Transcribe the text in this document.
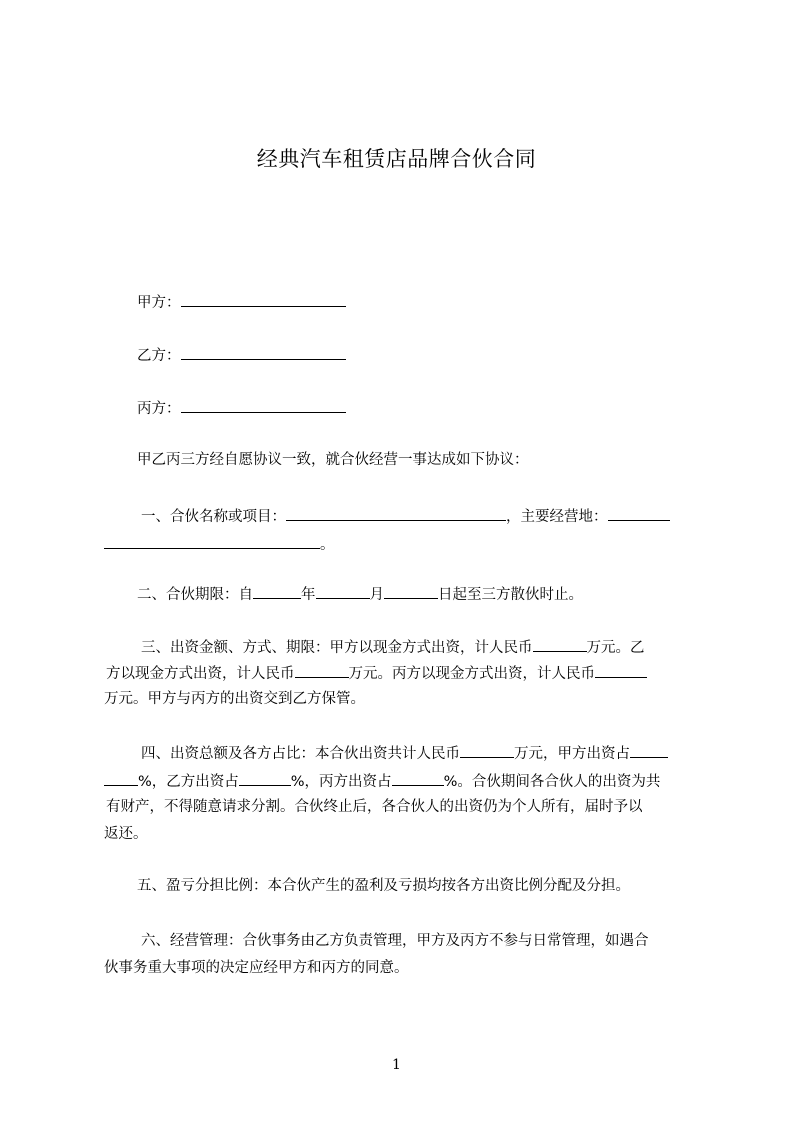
经典汽车租赁店品牌合伙合同
甲方：
乙方：
丙方：
甲乙丙三方经自愿协议一致，就合伙经营一事达成如下协议：
一、合伙名称或项目：	，主要经营地：
。
二、合伙期限：自	年	月	日起至三方散伙时止。
三、出资金额、方式、期限：甲方以现金方式出资，计人民币	万元。乙
方以现金方式出资，计人民币	万元。丙方以现金方式出资，计人民币
万元。甲方与丙方的出资交到乙方保管。
四、出资总额及各方占比：本合伙出资共计人民币	万元，甲方出资占
%，乙方出资占	%，丙方出资占	%。合伙期间各合伙人的出资为共
有财产，不得随意请求分割。合伙终止后，各合伙人的出资仍为个人所有，届时予以
返还。
五、盈亏分担比例：本合伙产生的盈利及亏损均按各方出资比例分配及分担。
六、经营管理：合伙事务由乙方负责管理，甲方及丙方不参与日常管理，如遇合
伙事务重大事项的决定应经甲方和丙方的同意。
1
